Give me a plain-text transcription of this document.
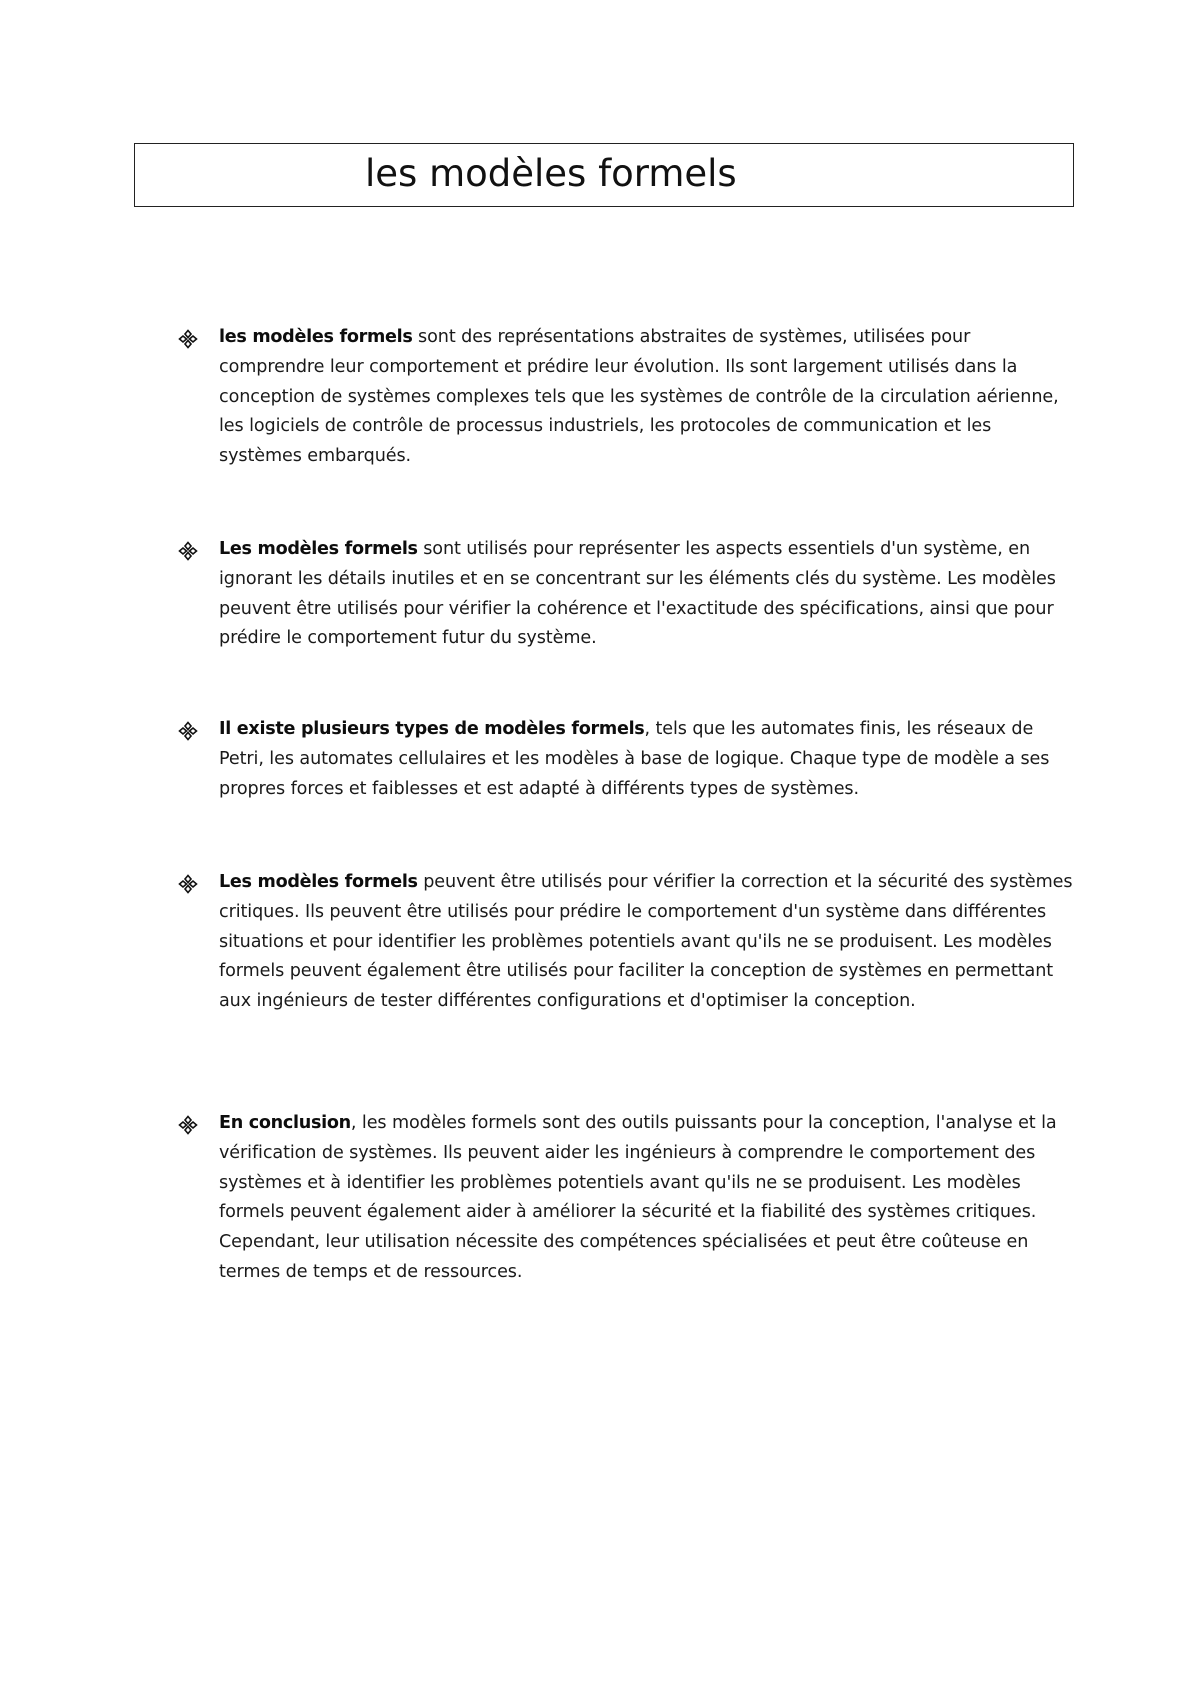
les modèles formels
les modèles formels sont des représentations abstraites de systèmes, utilisées pour comprendre leur comportement et prédire leur évolution. Ils sont largement utilisés dans la conception de systèmes complexes tels que les systèmes de contrôle de la circulation aérienne, les logiciels de contrôle de processus industriels, les protocoles de communication et les systèmes embarqués.
Les modèles formels sont utilisés pour représenter les aspects essentiels d'un système, en ignorant les détails inutiles et en se concentrant sur les éléments clés du système. Les modèles peuvent être utilisés pour vérifier la cohérence et l'exactitude des spécifications, ainsi que pour prédire le comportement futur du système.
Il existe plusieurs types de modèles formels, tels que les automates finis, les réseaux de Petri, les automates cellulaires et les modèles à base de logique. Chaque type de modèle a ses propres forces et faiblesses et est adapté à différents types de systèmes.
Les modèles formels peuvent être utilisés pour vérifier la correction et la sécurité des systèmes critiques. Ils peuvent être utilisés pour prédire le comportement d'un système dans différentes situations et pour identifier les problèmes potentiels avant qu'ils ne se produisent. Les modèles formels peuvent également être utilisés pour faciliter la conception de systèmes en permettant aux ingénieurs de tester différentes configurations et d'optimiser la conception.
En conclusion, les modèles formels sont des outils puissants pour la conception, l'analyse et la vérification de systèmes. Ils peuvent aider les ingénieurs à comprendre le comportement des systèmes et à identifier les problèmes potentiels avant qu'ils ne se produisent. Les modèles formels peuvent également aider à améliorer la sécurité et la fiabilité des systèmes critiques. Cependant, leur utilisation nécessite des compétences spécialisées et peut être coûteuse en termes de temps et de ressources.
